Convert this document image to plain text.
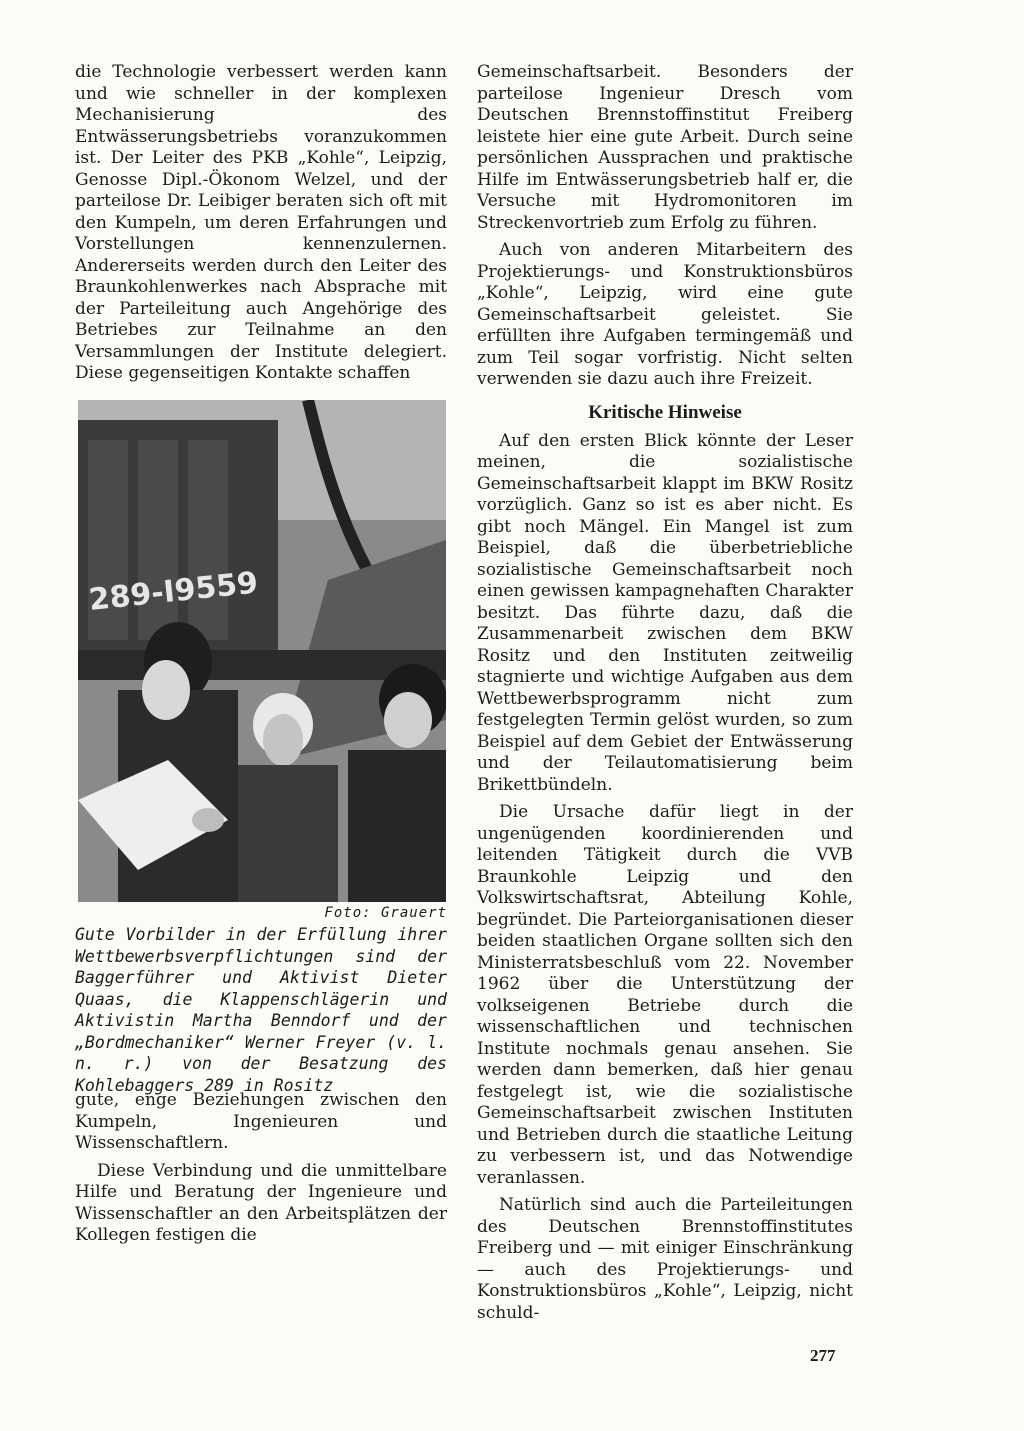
die Technologie verbessert werden kann und wie schneller in der komplexen Mechanisierung des Entwässerungsbetriebs voranzukommen ist. Der Leiter des PKB „Kohle“, Leipzig, Genosse Dipl.-Ökonom Welzel, und der parteilose Dr. Leibiger beraten sich oft mit den Kumpeln, um deren Erfahrungen und Vorstellungen kennenzulernen. Andererseits werden durch den Leiter des Braunkohlenwerkes nach Absprache mit der Parteileitung auch Angehörige des Betriebes zur Teilnahme an den Versammlungen der Institute delegiert. Diese gegenseitigen Kontakte schaffen

289-I9559
Foto: Grauert
Gute Vorbilder in der Erfüllung ihrer Wettbewerbsverpflichtungen sind der Baggerführer und Aktivist Dieter Quaas, die Klappenschlägerin und Aktivistin Martha Benndorf und der „Bordmechaniker“ Werner Freyer (v. l. n. r.) von der Besatzung des Kohlebaggers 289 in Rositz

gute, enge Beziehungen zwischen den Kumpeln, Ingenieuren und Wissenschaftlern.

Diese Verbindung und die unmittelbare Hilfe und Beratung der Ingenieure und Wissenschaftler an den Arbeitsplätzen der Kollegen festigen die

Gemeinschaftsarbeit. Besonders der parteilose Ingenieur Dresch vom Deutschen Brennstoffinstitut Freiberg leistete hier eine gute Arbeit. Durch seine persönlichen Aussprachen und praktische Hilfe im Entwässerungsbetrieb half er, die Versuche mit Hydromonitoren im Streckenvortrieb zum Erfolg zu führen.

Auch von anderen Mitarbeitern des Projektierungs- und Konstruktionsbüros „Kohle“, Leipzig, wird eine gute Gemeinschaftsarbeit geleistet. Sie erfüllten ihre Aufgaben termingemäß und zum Teil sogar vorfristig. Nicht selten verwenden sie dazu auch ihre Freizeit.

Kritische Hinweise

Auf den ersten Blick könnte der Leser meinen, die sozialistische Gemeinschaftsarbeit klappt im BKW Rositz vorzüglich. Ganz so ist es aber nicht. Es gibt noch Mängel. Ein Mangel ist zum Beispiel, daß die überbetriebliche sozialistische Gemeinschaftsarbeit noch einen gewissen kampagnehaften Charakter besitzt. Das führte dazu, daß die Zusammenarbeit zwischen dem BKW Rositz und den Instituten zeitweilig stagnierte und wichtige Aufgaben aus dem Wettbewerbsprogramm nicht zum festgelegten Termin gelöst wurden, so zum Beispiel auf dem Gebiet der Entwässerung und der Teilautomatisierung beim Brikettbündeln.

Die Ursache dafür liegt in der ungenügenden koordinierenden und leitenden Tätigkeit durch die VVB Braunkohle Leipzig und den Volkswirtschaftsrat, Abteilung Kohle, begründet. Die Parteiorganisationen dieser beiden staatlichen Organe sollten sich den Ministerratsbeschluß vom 22. November 1962 über die Unterstützung der volkseigenen Betriebe durch die wissenschaftlichen und technischen Institute nochmals genau ansehen. Sie werden dann bemerken, daß hier genau festgelegt ist, wie die sozialistische Gemeinschaftsarbeit zwischen Instituten und Betrieben durch die staatliche Leitung zu verbessern ist, und das Notwendige veranlassen.

Natürlich sind auch die Parteileitungen des Deutschen Brennstoffinstitutes Freiberg und — mit einiger Einschränkung — auch des Projektierungs- und Konstruktionsbüros „Kohle“, Leipzig, nicht schuld-

277
